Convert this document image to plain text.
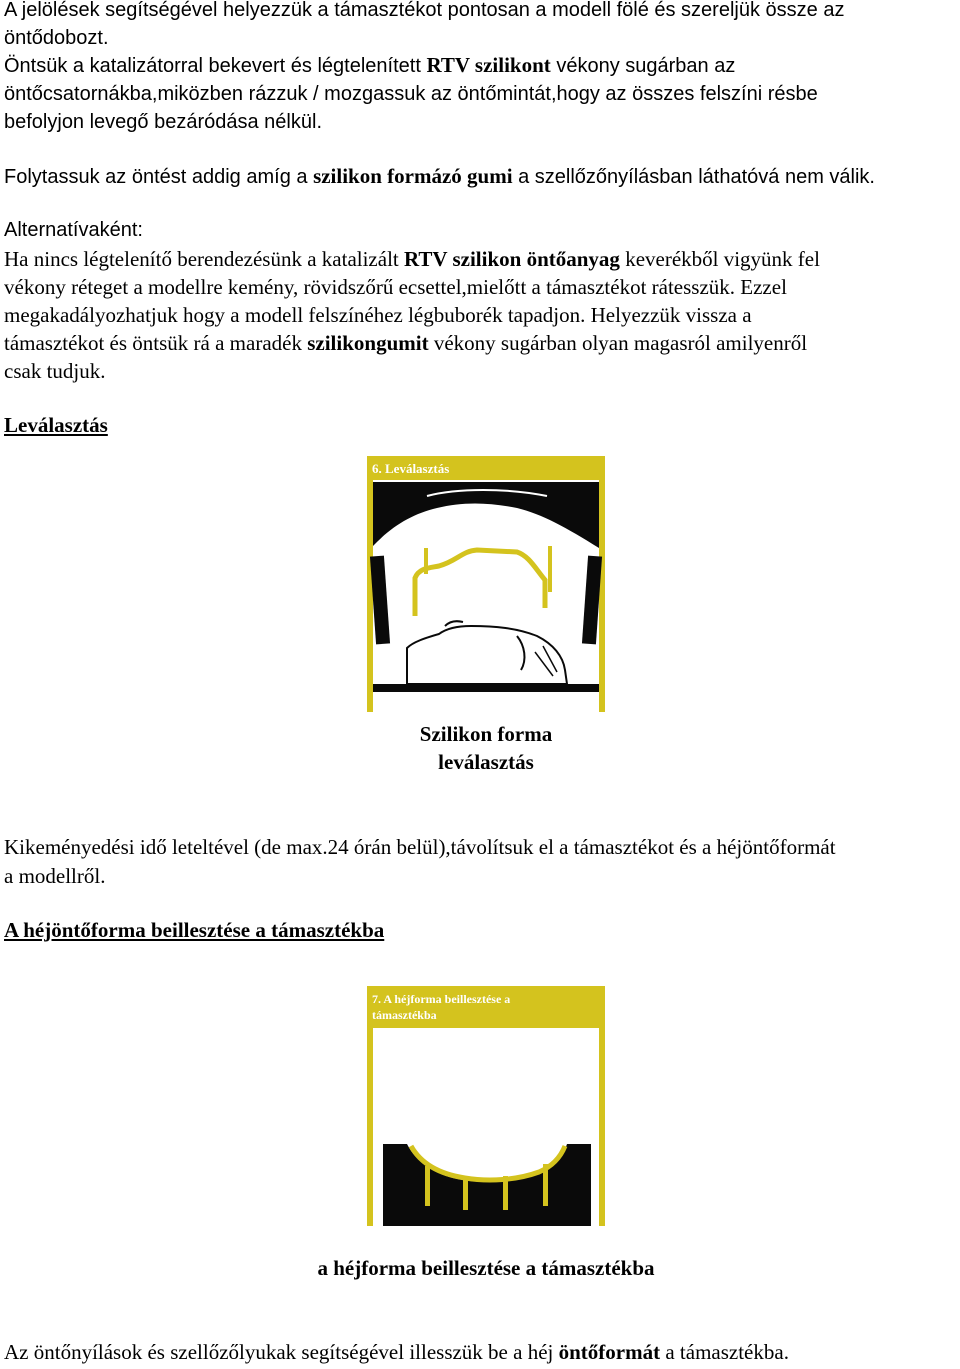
A jelölések segítségével helyezzük a támasztékot pontosan a modell fölé és szereljük össze az
öntődobozt.
Öntsük a katalizátorral bekevert és légtelenített RTV szilikont vékony sugárban az
öntőcsatornákba,miközben rázzuk / mozgassuk az öntőmintát,hogy az összes felszíni résbe
befolyjon levegő bezáródása nélkül.
Folytassuk az öntést addig amíg a szilikon formázó gumi a szellőzőnyílásban láthatóvá nem válik.
Alternatívaként:
Ha nincs légtelenítő berendezésünk a katalizált RTV szilikon öntőanyag keverékből vigyünk fel
vékony réteget a modellre kemény, rövidszőrű ecsettel,mielőtt a támasztékot rátesszük. Ezzel
megakadályozhatjuk hogy a modell felszínéhez légbuborék tapadjon. Helyezzük vissza a
támasztékot és öntsük rá a maradék szilikongumit vékony sugárban olyan magasról amilyenről
csak tudjuk.
Leválasztás
6. Leválasztás
Szilikon forma
leválasztás
Kikeményedési idő leteltével (de max.24 órán belül),távolítsuk el a támasztékot és a héjöntőformát
a modellről.
A héjöntőforma beillesztése a támasztékba
7. A héjforma beillesztése a
támasztékba
a héjforma beillesztése a támasztékba
Az öntőnyílások és szellőzőlyukak segítségével illesszük be a héj öntőformát a támasztékba.
